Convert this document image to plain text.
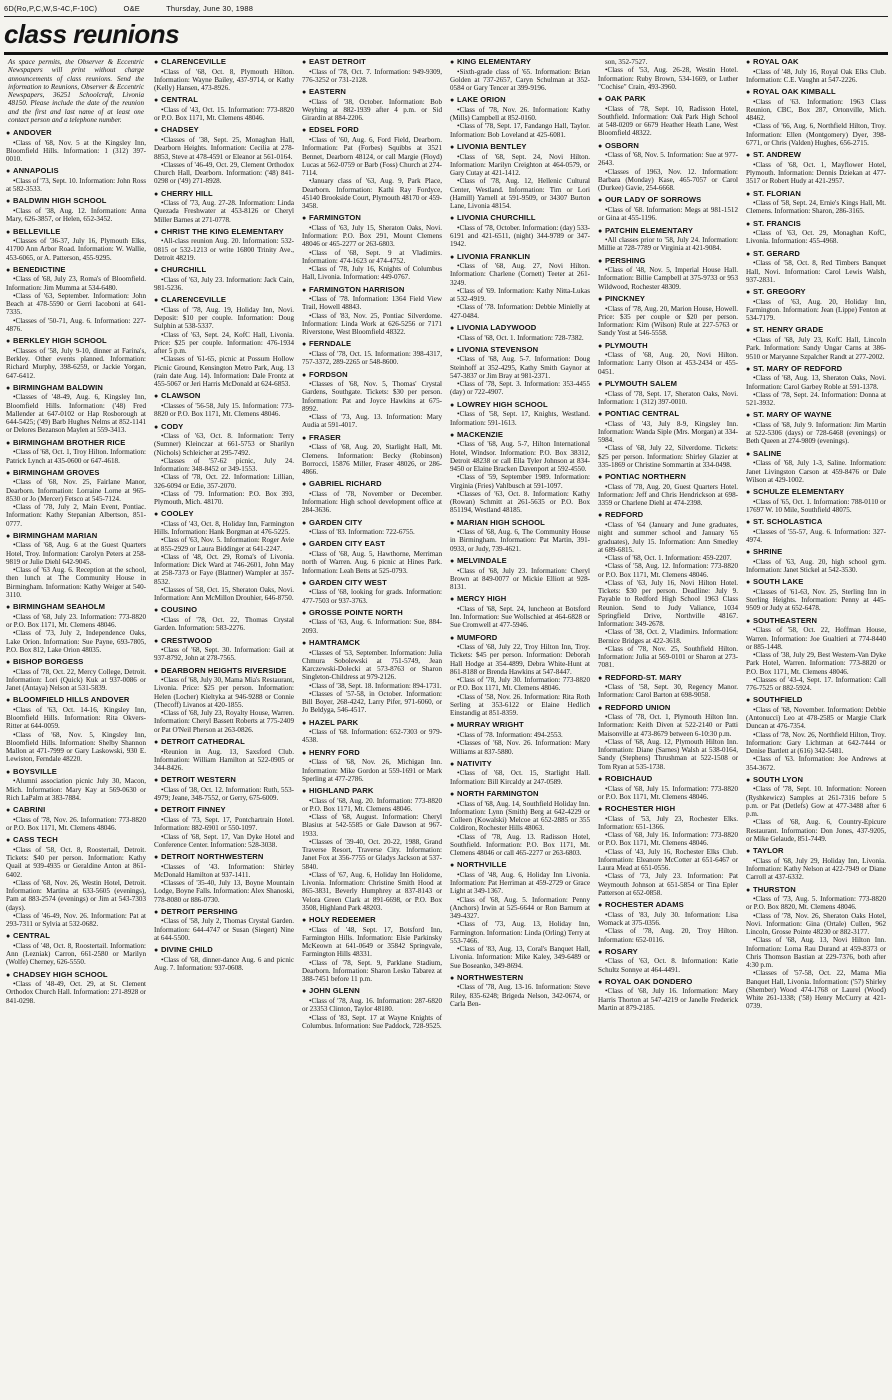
6D(Ro,P,C,W,S-4C,F-10C)	O&E	Thursday, June 30, 1988
class reunions

As space permits, the Observer & Eccentric Newspapers will print without charge announcements of class reunions. Send the information to Reunions, Observer & Eccentric Newspapers, 36251 Schoolcraft, Livonia 48150. Please include the date of the reunion and the first and last name of at least one contact person and a telephone number.

● ANDOVER

• Class of '68, Nov. 5 at the Kingsley Inn, Bloomfield Hills. Information: 1 (312) 397-0010.

● ANNAPOLIS

• Class of '73, Sept. 10. Information: John Ross at 582-3533.

● BALDWIN HIGH SCHOOL

• Class of '38, Aug. 12. Information: Anna Mary, 626-3857, or Helen, 652-3452.

● BELLEVILLE

• Classes of '36-37, July 16, Plymouth Elks, 41700 Ann Arbor Road. Information: W. Wallie, 453-6065, or A. Patterson, 455-9295.

● BENEDICTINE

• Class of '68, July 23, Roma's of Bloomfield. Information: Jim Mumma at 534-6480.

• Class of '63, September. Information: John Beach at 478-5590 or Gerri Iacoboni at 641-7335.

• Classes of '50-71, Aug. 6. Information: 227-4876.

● BERKLEY HIGH SCHOOL

• Classes of '58, July 9-10, dinner at Farina's, Berkley. Other events planned. Information: Richard Murphy, 398-6259, or Jackie Yorgan, 647-6412.

● BIRMINGHAM BALDWIN

• Classes of '48-49, Aug. 6, Kingsley Inn, Bloomfield Hills. Information: ('48) Fred Mallender at 647-0102 or Hap Rosborough at 644-5425; ('49) Barb Hughes Nelms at 852-1141 or Delores Bezanson Maylen at 559-3413.

● BIRMINGHAM BROTHER RICE

• Class of '68, Oct. 1, Troy Hilton. Information: Patrick Lynch at 435-0600 or 647-4618.

● BIRMINGHAM GROVES

• Class of '68, Nov. 25, Fairlane Manor, Dearborn. Information: Lorraine Lorne at 965-8530 or Jo (Mercer) Fetsco at 545-7124.

• Class of '78, July 2, Main Event, Pontiac. Information: Kathy Stepanian Albertson, 851-0777.

● BIRMINGHAM MARIAN

• Class of '68, Aug. 6 at the Guest Quarters Hotel, Troy. Information: Carolyn Peters at 258-9819 or Julie Diehl 642-9045.

• Class of '63 Aug. 6. Reception at the school, then lunch at The Community House in Birmingham. Information: Kathy Weiger at 540-3110.

● BIRMINGHAM SEAHOLM

• Class of '68, July 23. Information: 773-8820 or P.O. Box 1171, Mt. Clemens 48046.

• Class of '73, July 2, Independence Oaks, Lake Orion. Information: Sue Payne, 693-7805, P.O. Box 812, Lake Orion 48035.

● BISHOP BORGESS

• Class of '78, Oct. 22, Mercy College, Detroit. Information: Lori (Quick) Kuk at 937-0086 or Janet (Antaya) Nelson at 531-5839.

● BLOOMFIELD HILLS ANDOVER

• Class of '63, Oct. 14-16, Kingsley Inn, Bloomfield Hills. Information: Rita Okvers-Ritter at 644-0059.

• Class of '68, Nov. 5, Kingsley Inn, Bloomfield Hills. Information: Shelby Shannon Mallon at 471-7999 or Gary Laskowski, 930 E. Lewiston, Ferndale 48220.

● BOYSVILLE

• Alumni association picnic July 30, Macon, Mich. Information: Mary Kay at 569-0630 or Rich LaPalm at 383-7884.

● CABRINI

• Class of '78, Nov. 26. Information: 773-8820 or P.O. Box 1171, Mt. Clemens 48046.

● CASS TECH

• Class of '58, Oct. 8, Roostertail, Detroit. Tickets: $40 per person. Information: Kathy Quail at 939-4935 or Geraldine Anton at 861-6402.

• Class of '68, Nov. 26, Westin Hotel, Detroit. Information: Martina at 633-5605 (evenings), Pam at 883-2574 (evenings) or Jim at 543-7303 (days).

• Class of '46-49, Nov. 26. Information: Pat at 293-7311 or Sylvia at 532-0682.

● CENTRAL

• Class of '48, Oct. 8, Roostertail. Information: Ann (Lezniak) Carron, 661-2580 or Marilyn (Wolfe) Cherney, 626-5550.

● CHADSEY HIGH SCHOOL

• Class of '48-49, Oct. 29, at St. Clement Orthodox Church Hall. Information: 271-8928 or 841-0298.

● CLARENCEVILLE

• Class of '68, Oct. 8, Plymouth Hilton. Information: Wayne Bailey, 437-9714, or Kathy (Kelly) Hansen, 473-8926.

● CENTRAL

• Class of '43, Oct. 15. Information: 773-8820 or P.O. Box 1171, Mt. Clemens 48046.

● CHADSEY

• Classes of '38, Sept. 25, Monaghan Hall, Dearborn Heights. Information: Cecilia at 278-8853, Steve at 478-4591 or Eleanor at 561-0164.

• Classes of '46-49, Oct. 29, Clement Orthodox Church Hall, Dearborn. Information: ('48) 841-0298 or ('49) 271-8928.

● CHERRY HILL

• Class of '73, Aug. 27-28. Information: Linda Quezada Freshwater at 453-8126 or Cheryl Miller Barnes at 271-0778.

● CHRIST THE KING ELEMENTARY

• All-class reunion Aug. 20. Information: 532-0815 or 532-1213 or write 16800 Trinity Ave., Detroit 48219.

● CHURCHILL

• Class of '63, July 23. Information: Jack Cain, 981-5236.

● CLARENCEVILLE

• Class of '78, Aug. 19, Holiday Inn, Novi. Deposit: $10 per couple. Information: Doug Sulphin at 538-5337.

• Class of '63, Sept. 24, KofC Hall, Livonia. Price: $25 per couple. Information: 476-1934 after 5 p.m.

• Classes of '61-65, picnic at Possum Hollow Picnic Ground, Kensington Metro Park, Aug. 13 (rain date Aug. 14). Information: Dale Frontz at 455-5067 or Jeri Harris McDonald at 624-6853.

● CLAWSON

• Classes of '56-58, July 15. Information: 773-8820 or P.O. Box 1171, Mt. Clemens 48046.

● CODY

• Class of '63, Oct. 8. Information: Terry (Sumner) Kleinczar at 661-5753 or Sharilyn (Nichols) Schleicher at 295-7492.

• Classes of '57-62 picnic, July 24. Information: 348-8452 or 349-1553.

• Class of '78, Oct. 22. Information: Lillian, 326-6094 or Edie, 357-2070.

• Class of '79. Information: P.O. Box 393, Plymouth, Mich. 48170.

● COOLEY

• Class of '43, Oct. 8, Holiday Inn, Farmington Hills. Information: Hank Borgman at 476-5225.

• Class of '63, Nov. 5. Information: Roger Avie at 855-2929 or Laura Biddinger at 641-2247.

• Class of '48, Oct. 29, Roma's of Livonia. Information: Dick Ward at 746-2601, John May at 258-7373 or Faye (Blattner) Wampler at 357-8532.

• Classes of '58, Oct. 15, Sheraton Oaks, Novi. Information: Ann McMillon Drouhier, 646-8750.

● COUSINO

• Class of '78, Oct. 22, Thomas Crystal Garden. Information: 583-2276.

● CRESTWOOD

• Class of '68, Sept. 30. Information: Gail at 937-8792, John at 278-7565.

● DEARBORN HEIGHTS RIVERSIDE

• Class of '68, July 30, Mama Mia's Restaurant, Livonia. Price: $25 per person. Information: Helen (Locher) Kieltyka at 946-9288 or Connie (Thecoff) Livanos at 420-1855.

• Class of '68, July 23, Royalty House, Warren. Information: Cheryl Bassett Roberts at 775-2409 or Pat O'Neil Pherson at 263-0826.

● DETROIT CATHEDRAL

• Reunion in Aug. 13, Saxsford Club. Information: William Hamilton at 522-0905 or 344-8426.

● DETROIT WESTERN

• Class of '38, Oct. 12. Information: Ruth, 553-4979; Jeane, 348-7552, or Gerry, 675-6009.

● DETROIT FINNEY

• Class of '73, Sept. 17, Pontchartrain Hotel. Information: 882-6901 or 550-1097.

• Class of '68, Sept. 17, Van Dyke Hotel and Conference Center. Information: 528-3038.

● DETROIT NORTHWESTERN

• Classes of '43. Information: Shirley McDonald Hamilton at 937-1411.

• Classes of '35-40, July 13, Boyne Mountain Lodge, Boyne Falls. Information: Alex Shanoski, 778-8080 or 886-0730.

● DETROIT PERSHING

• Class of '58, July 2, Thomas Crystal Garden. Information: 644-4747 or Susan (Siegert) Nine at 644-5500.

● DIVINE CHILD

• Class of '68, dinner-dance Aug. 6 and picnic Aug. 7. Information: 937-0608.

● EAST DETROIT

• Class of '78, Oct. 7. Information: 949-9309, 776-3252 or 731-2128.

● EASTERN

• Class of '38, October. Information: Bob Weyhing at 882-1939 after 4 p.m. or Sid Girardin at 884-2206.

● EDSEL FORD

• Class of '60, Aug. 6, Ford Field, Dearborn. Information: Pat (Forbes) Squibbs at 3521 Bennet, Dearborn 48124, or call Margie (Floyd) Lucas at 562-0759 or Barb (Foss) Church at 274-7114.

• January class of '63, Aug. 9, Park Place, Dearborn. Information: Kathi Ray Fordyce, 45140 Brookside Court, Plymouth 48170 or 459-3458.

● FARMINGTON

• Class of '63, July 15, Sheraton Oaks, Novi. Information: P.O. Box 291, Mount Clemens 48046 or 465-2277 or 263-6803.

• Class of '68, Sept. 9 at Vladimirs. Information: 474-1623 or 474-4752.

• Class of '78, July 16, Knights of Columbus Hall, Livonia. Information: 449-0767.

● FARMINGTON HARRISON

• Class of '78. Information: 1364 Field View Trail, Howell 48843.

• Class of '83, Nov. 25, Pontiac Silverdome. Information: Linda Work at 626-5256 or 7171 Riverstone, West Bloomfield 48322.

● FERNDALE

• Class of '78, Oct. 15. Information: 398-4317, 757-3372, 289-2265 or 548-8600.

● FORDSON

• Classes of '68, Nov. 5, Thomas' Crystal Gardens, Southgate. Tickets: $30 per person. Information: Pat and Joyce Hawkins at 675-8992.

• Class of '73, Aug. 13. Information: Mary Audia at 591-4017.

● FRASER

• Class of '68, Aug. 20, Starlight Hall, Mt. Clemens. Information: Becky (Robinson) Borrocci, 15876 Miller, Fraser 48026, or 286-4866.

● GABRIEL RICHARD

• Class of '78, November or December. Information: High school development office at 284-3636.

● GARDEN CITY

• Class of '83. Information: 722-6755.

● GARDEN CITY EAST

• Class of '68, Aug. 5, Hawthorne, Merriman north of Warren. Aug. 6 picnic at Hines Park. Information: Leah Betts at 525-0793.

● GARDEN CITY WEST

• Class of '68, looking for grads. Information: 477-7503 or 937-3763.

● GROSSE POINTE NORTH

• Class of '63, Aug. 6. Information: Sue, 884-2093.

● HAMTRAMCK

• Classes of '53, September. Information: Julia Chmura Sobolewski at 751-5749, Jean Karczewski-Dolecki at 573-8763 or Sharon Singleton-Childress at 979-2126.

• Class of '38, Sept. 18. Information: 894-1731.

• Classes of '57-58, in October. Information: Bill Boyer, 268-4242, Larry Pifer, 971-6060, or Jo Beldyga, 546-4517.

● HAZEL PARK

• Class of '68. Information: 652-7303 or 979-4538.

● HENRY FORD

• Class of '68, Nov. 26, Michigan Inn. Information: Mike Gordon at 559-1691 or Mark Sperling at 477-2786.

● HIGHLAND PARK

• Class of '68, Aug. 20. Information: 773-8820 or P.O. Box 1171, Mt. Clemens 48046.

• Class of '68, August. Information: Cheryl Blasius at 542-5585 or Gale Dawson at 967-1933.

• Classes of '39-40, Oct. 20-22, 1988, Grand Traverse Resort, Traverse City. Information: Janet Fox at 356-7755 or Gladys Jackson at 537-5840.

• Class of '67, Aug. 6, Holiday Inn Holidome, Livonia. Information: Christine Smith Hood at 865-3831, Beverly Humphrey at 837-8143 or Velora Green Clark at 891-6698, or P.O. Box 3508, Highland Park 48203.

● HOLY REDEEMER

• Class of '48, Sept. 17, Botsford Inn, Farmington Hills. Information: Elsie Parkinsky McKeown at 641-0649 or 35842 Springvale, Farmington Hills 48331.

• Class of '78, Sept. 9, Parklane Stadium, Dearborn. Information: Sharon Lesko Tabarez at 388-7451 before 11 p.m.

● JOHN GLENN

• Class of '78, Aug. 16. Information: 287-6820 or 23353 Clinton, Taylor 48180.

• Class of '83, Sept. 17 at Wayne Knights of Columbus. Information: Sue Paddock, 728-9525.

● KING ELEMENTARY

• Sixth-grade class of '65. Information: Brian Golden at 737-2657, Caryn Schulman at 352-0584 or Gary Tencer at 399-9196.

● LAKE ORION

• Class of '78, Nov. 26. Information: Kathy (Mills) Campbell at 852-0160.

• Class of '78, Sept. 17, Fandango Hall, Taylor. Information: Bob Loveland at 425-6081.

● LIVONIA BENTLEY

• Class of '68, Sept. 24, Novi Hilton. Information: Marilyn Creighton at 464-0579, or Gary Cutay at 421-1412.

• Class of '78, Aug. 12, Hellenic Cultural Center, Westland. Information: Tim or Lori (Hamill) Yarnell at 591-9509, or 34307 Burton Lane, Livonia 48154.

● LIVONIA CHURCHILL

• Class of '78, October. Information: (day) 533-6191 and 421-6511, (night) 344-9789 or 347-1942.

● LIVONIA FRANKLIN

• Class of '68, Aug. 27, Novi Hilton. Information: Charlene (Cornett) Teeter at 261-3249.

• Class of '69. Information: Kathy Nitta-Lukas at 532-4919.

• Class of '78. Information: Debbie Minielly at 427-0484.

● LIVONIA LADYWOOD

• Class of '68, Oct. 1. Information: 728-7382.

● LIVONIA STEVENSON

• Class of '68, Aug. 5-7. Information: Doug Steinhoff at 352-4295, Kathy Smith Gaynor at 547-3837 or Jim Bray at 981-2371.

• Class of '78, Sept. 3. Information: 353-4455 (day) or 722-4907.

● LOWREY HIGH SCHOOL

• Class of '58, Sept. 17, Knights, Westland. Information: 591-1613.

● MACKENZIE

• Class of '68, Aug. 5-7, Hilton International Hotel, Windsor. Information: P.O. Box 38312, Detroit 48238 or call Ella Tyler Johnson at 834-9450 or Elaine Bracken Davenport at 592-4550.

• Class of '59, September 1989. Information: Virginia (Fries) Vahlbusch at 591-1097.

• Classes of '63, Oct. 8. Information: Kathy (Rowan) Schmitt at 261-5635 or P.O. Box 851194, Westland 48185.

● MARIAN HIGH SCHOOL

• Class of '68, Aug. 6, The Community House in Birmingham. Information: Pat Martin, 391-0933, or Judy, 739-4621.

● MELVINDALE

• Class of '68, July 23. Information: Cheryl Brown at 849-0077 or Mickie Elliott at 928-8131.

● MERCY HIGH

• Class of '68, Sept. 24, luncheon at Botsford Inn. Information: Sue Wollschied at 464-6828 or Sue Cromwell at 477-5946.

● MUMFORD

• Class of '68, July 22, Troy Hilton Inn, Troy. Tickets: $45 per person. Information: Deborah Hall Hodge at 354-4899, Debra White-Hunt at 861-8188 or Brenda Hawkins at 547-8447.

• Class of '78, July 30. Information: 773-8820 or P.O. Box 1171, Mt. Clemens 48046.

• Class of '58, Nov. 26. Information: Rita Roth Serling at 353-6122 or Elaine Hedlich Einstandig at 851-8359.

● MURRAY WRIGHT

• Class of '78. Information: 494-2553.

• Classes of '68, Nov. 26. Information: Mary Williams at 837-5880.

● NATIVITY

• Class of '68, Oct. 15, Starlight Hall. Information: Bill Kircaldy at 247-0589.

● NORTH FARMINGTON

• Class of '68, Aug. 14, Southfield Holiday Inn. Information: Lynn (Smith) Berg at 642-4229 or Colleen (Kowalski) Melcoe at 652-2885 or 355 Coldiron, Rochester Hills 48063.

• Class of '78, Aug. 13. Radisson Hotel, Southfield. Information: P.O. Box 1171, Mt. Clemens 48046 or call 465-2277 or 263-6803.

● NORTHVILLE

• Class of '48, Aug. 6, Holiday Inn Livonia. Information: Pat Herriman at 459-2729 or Grace Light at 349-1367.

• Class of '68, Aug. 5. Information: Penny (Anchors) Irwin at 525-6644 or Ron Barnum at 349-4327.

• Class of '73, Aug. 13, Holiday Inn, Farmington. Information: Linda (Orling) Terry at 553-7466.

• Class of '83, Aug. 13, Coral's Banquet Hall, Livonia. Information: Mike Kaley, 349-6489 or Sue Boseanko, 349-8694.

● NORTHWESTERN

• Class of '78, Aug. 13-16. Information: Steve Riley, 835-6248; Brigeda Nelson, 342-0674, or Carla Ben-

son, 352-7527.

• Class of '53, Aug. 26-28, Westin Hotel. Information: Ruby Brown, 534-1669, or Luther "Cochise" Crain, 493-3960.

● OAK PARK

• Class of '78, Sept. 10, Radisson Hotel, Southfield. Information: Oak Park High School at 548-0209 or 6679 Heather Heath Lane, West Bloomfield 48322.

● OSBORN

• Class of '68, Nov. 5. Information: Sue at 977-2643.

• Classes of 1963, Nov. 12. Information: Barbara (Monday) Kase, 465-7057 or Carol (Durkee) Gavie, 254-6668.

● OUR LADY OF SORROWS

• Class of '68. Information: Megs at 981-1512 or Gina at 455-1196.

● PATCHIN ELEMENTARY

• All classes prior to '58, July 24. Information: Millie at 728-7789 or Virginia at 421-9084.

● PERSHING

• Class of '48, Nov. 5, Imperial House Hall. Information: Billie Campbell at 375-9733 or 953 Wildwood, Rochester 48309.

● PINCKNEY

• Class of '78, Aug. 20, Marion House, Howell. Price: $35 per couple or $20 per person. Information: Kim (Wilson) Rule at 227-5763 or Sandy Yost at 546-5558.

● PLYMOUTH

• Class of '68, Aug. 20, Novi Hilton. Information: Larry Olson at 453-2434 or 455-0451.

● PLYMOUTH SALEM

• Class of '78, Sept. 17, Sheraton Oaks, Novi. Information: 1 (312) 397-0010.

● PONTIAC CENTRAL

• Class of '43, July 8-9, Kingsley Inn. Information: Wanda Siple (Mrs. Morgan) at 334-5984.

• Class of '68, July 22, Silverdome. Tickets: $25 per person. Information: Shirley Glazier at 335-1869 or Christine Sommartin at 334-0498.

● PONTIAC NORTHERN

• Class of '78, Aug. 20, Guest Quarters Hotel. Information: Jeff and Chris Hendrickson at 698-3359 or Charlene Diehl at 474-2398.

● REDFORD

• Class of '64 (January and June graduates, night and summer school and January '65 graduates), July 15. Information: Ann Smedley at 689-6815.

• Class of '68, Oct. 1. Information: 459-2207.

• Class of '58, Aug. 12. Information: 773-8820 or P.O. Box 1171, Mt. Clemens 48046.

• Class of '63, July 16, Novi Hilton Hotel. Tickets: $30 per person. Deadline: July 9. Payable to Redford High School 1963 Class Reunion. Send to Judy Valiance, 1034 Springfield Drive, Northville 48167. Information: 349-2678.

• Class of '38, Oct. 2, Vladimirs. Information: Bernice Bridges at 422-3618.

• Class of '78, Nov. 25, Southfield Hilton. Information: Julia at 569-0101 or Sharon at 273-7081.

● REDFORD-ST. MARY

• Class of '58, Sept. 30, Regency Manor. Information: Carol Barton at 698-9058.

● REDFORD UNION

• Class of '78, Oct. 1, Plymouth Hilton Inn. Information: Keith Diven at 522-2140 or Patti Maisonville at 473-8679 between 6-10:30 p.m.

• Class of '68, Aug. 12, Plymouth Hilton Inn. Information: Diane (Sarnes) Walsh at 538-0164, Sandy (Stephens) Thrushman at 522-1508 or Tom Ryan at 535-1738.

● ROBICHAUD

• Class of '68, July 15. Information: 773-8820 or P.O. Box 1171, Mt. Clemens 48046.

● ROCHESTER HIGH

• Class of '53, July 23, Rochester Elks. Information: 651-1366.

• Class of '68, July 16. Information: 773-8820 or P.O. Box 1171, Mt. Clemens 48046.

• Class of '43, July 16, Rochester Elks Club. Information: Eleanore McCotter at 651-6467 or Laura Mead at 651-0556.

• Class of '73, July 23. Information: Pat Weymouth Johnson at 651-5854 or Tina Epler Patterson at 652-0858.

● ROCHESTER ADAMS

• Class of '83, July 30. Information: Lisa Womack at 375-0356.

• Class of '78, Aug. 20, Troy Hilton. Information: 652-0116.

● ROSARY

• Class of '63, Oct. 8. Information: Katie Schultz Sonnye at 464-4491.

● ROYAL OAK DONDERO

• Class of '68, July 16. Information: Mary Harris Thorton at 547-4219 or Janelle Frederick Martin at 879-2185.

● ROYAL OAK

• Class of '48, July 16, Royal Oak Elks Club. Information: C.E. Vaughn at 547-2226.

● ROYAL OAK KIMBALL

• Class of '63. Information: 1963 Class Reunion, CBC, Box 287, Ortonville, Mich. 48462.

• Class of '66, Aug. 6, Northfield Hilton, Troy. Information: Ellen (Montgomery) Dyer, 398-6771, or Chris (Valden) Hughes, 656-2715.

● ST. ANDREW

• Class of '68, Oct. 1, Mayflower Hotel, Plymouth. Information: Dennis Dziekan at 477-3517 or Robert Hudy at 421-2957.

● ST. FLORIAN

• Class of '58, Sept. 24, Ernie's Kings Hall, Mt. Clemens. Information: Sharon, 286-3165.

● ST. FRANCIS

• Class of '63, Oct. 29, Monaghan KofC, Livonia. Information: 455-4968.

● ST. GERARD

• Class of '58, Oct. 8, Red Timbers Banquet Hall, Novi. Information: Carol Lewis Walsh, 937-2831.

● ST. GREGORY

• Class of '63, Aug. 20, Holiday Inn, Farmington. Information: Jean (Lippe) Fenton at 534-7179.

● ST. HENRY GRADE

• Class of '68, July 23, KofC Hall, Lincoln Park. Information: Sandy Ungar Carns at 386-9510 or Maryanne Szpalcher Randt at 277-2002.

● ST. MARY OF REDFORD

• Class of '68, Aug. 13, Sheraton Oaks, Novi. Information: Carol Garbey Roble at 591-1378.

• Class of '78, Sept. 24. Information: Donna at 521-3932.

● ST. MARY OF WAYNE

• Class of '68, July 9. Information: Jim Martin at 522-5306 (days) or 728-6468 (evenings) or Beth Queen at 274-9809 (evenings).

● SALINE

• Class of '68, July 1-3, Saline. Information: Janet Livingston Carson at 459-8476 or Dale Wilson at 429-1002.

● SCHULZE ELEMENTARY

• Class of '65, Oct. 1. Information: 788-0110 or 17697 W. 10 Mile, Southfield 48075.

● ST. SCHOLASTICA

• Classes of '55-57, Aug. 6. Information: 327-4974.

● SHRINE

• Class of '63, Aug. 20, high school gym. Information: Janet Stickel at 542-3530.

● SOUTH LAKE

• Classes of '61-63, Nov. 25, Sterling Inn in Sterling Heights. Information: Penny at 445-9509 or Judy at 652-6478.

● SOUTHEASTERN

• Class of '58, Oct. 22, Hoffman House, Warren. Information: Joe Gualtieri at 774-8440 or 885-1448.

• Class of '38, July 29, Best Western-Van Dyke Park Hotel, Warren. Information: 773-8820 or P.O. Box 1171, Mt. Clemens 48046.

• Classes of '43-4, Sept. 17. Information: Call 776-7525 or 882-5924.

● SOUTHFIELD

• Class of '68, November. Information: Debbie (Antonucci) Leo at 478-2585 or Margie Clark Duncan at 476-7354.

• Class of '78, Nov. 26, Northfield Hilton, Troy. Information: Gary Lichtman at 642-7444 or Denise Bartlett at (616) 342-5481.

• Class of '63. Information: Joe Andrews at 354-3672.

● SOUTH LYON

• Class of '78, Sept. 10. Information: Noreen (Ryshkewicz) Samples at 261-7316 before 5 p.m. or Pat (Detlefs) Gow at 477-3488 after 6 p.m.

• Class of '68, Aug. 6, Country-Epicure Restaurant. Information: Don Jones, 437-9205, or Mike Gelaude, 851-7449.

● TAYLOR

• Class of '68, July 29, Holiday Inn, Livonia. Information: Kathy Nelson at 422-7949 or Diane Carroll at 437-6332.

● THURSTON

• Class of '73, Aug. 5. Information: 773-8820 or P.O. Box 8820, Mt. Clemens 48046.

• Class of '78, Nov. 26, Sheraton Oaks Hotel, Novi. Information: Gina (Ortale) Cullen, 962 Lincoln, Grosse Pointe 48230 or 882-3177.

• Class of '68, Aug. 13, Novi Hilton Inn. Information: Lorna Rau Durand at 459-8373 or Chris Thomson Bastian at 229-7376, both after 4:30 p.m.

• Classes of '57-58, Oct. 22, Mama Mia Banquet Hall, Livonia. Information: ('57) Shirley (Shember) Wood 474-1768 or Laurel (Wood) White 261-1338; ('58) Henry McCurry at 421-0739.
